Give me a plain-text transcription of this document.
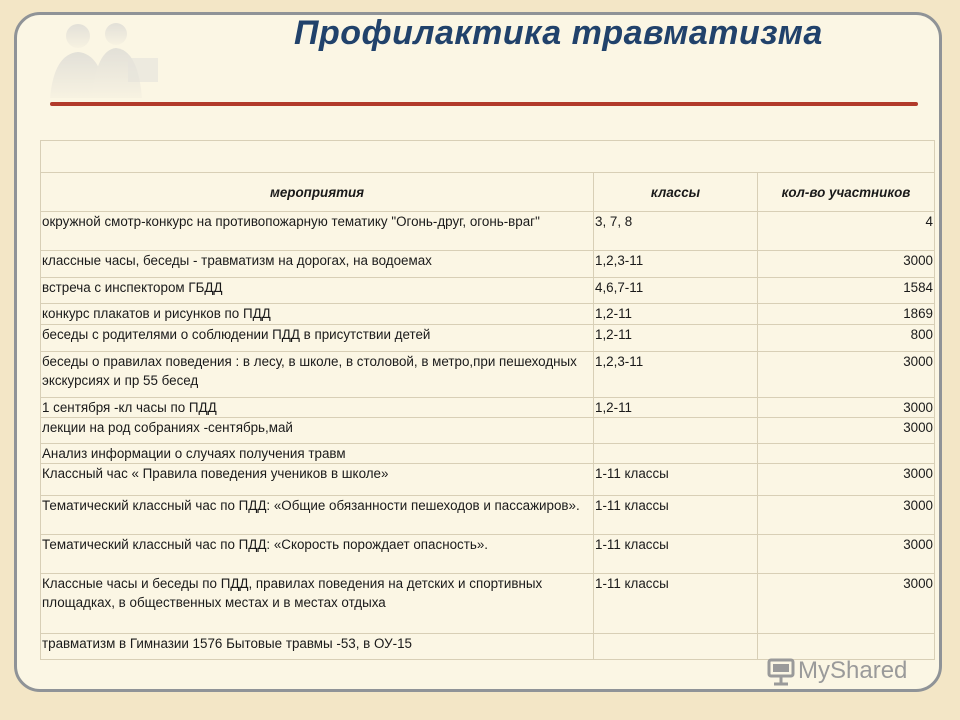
Профилактика травматизма

мероприятия	классы	кол-во участников
окружной смотр-конкурс на противопожарную тематику "Огонь-друг, огонь-враг"	3, 7, 8	4
классные часы, беседы - травматизм на дорогах, на водоемах	1,2,3-11	3000
встреча с инспектором ГБДД	4,6,7-11	1584
конкурс плакатов и рисунков по ПДД	1,2-11	1869
беседы с родителями о соблюдении ПДД в присутствии детей	1,2-11	800
беседы о правилах поведения : в лесу, в школе, в столовой, в метро,при пешеходных экскурсиях и пр 55 бесед	1,2,3-11	3000
1 сентября -кл часы по ПДД	1,2-11	3000
лекции на род собраниях -сентябрь,май		3000
Анализ информации о случаях получения травм		
Классный час « Правила поведения учеников в школе»	1-11 классы	3000
Тематический классный час по ПДД: «Общие обязанности пешеходов и пассажиров».	1-11 классы	3000
Тематический классный час по ПДД: «Скорость порождает опасность».	1-11 классы	3000
Классные часы и беседы по ПДД, правилах поведения на детских и спортивных площадках, в общественных местах и в местах отдыха	1-11 классы	3000
травматизм в Гимназии 1576 Бытовые травмы -53, в ОУ-15		
MyShared
